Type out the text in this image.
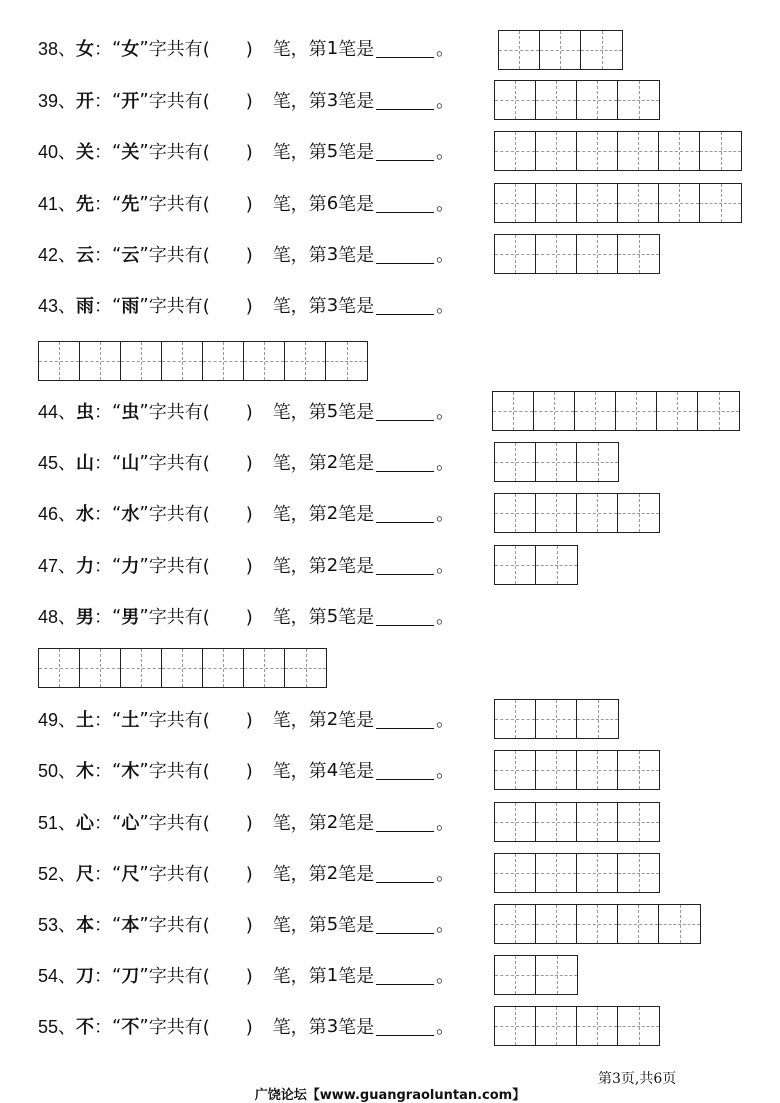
38、 女 ： “ 女 ” 字共有 (　　)	笔，第 1 笔是	。
39、 开 ： “ 开 ” 字共有 (　　)	笔，第 3 笔是	。
40、 关 ： “ 关 ” 字共有 (　　)	笔，第 5 笔是	。
41、 先 ： “ 先 ” 字共有 (　　)	笔，第 6 笔是	。
42、 云 ： “ 云 ” 字共有 (　　)	笔，第 3 笔是	。
43、 雨 ： “ 雨 ” 字共有 (　　)	笔，第 3 笔是	。
44、 虫 ： “ 虫 ” 字共有 (　　)	笔，第 5 笔是	。
45、 山 ： “ 山 ” 字共有 (　　)	笔，第 2 笔是	。
46、 水 ： “ 水 ” 字共有 (　　)	笔，第 2 笔是	。
47、 力 ： “ 力 ” 字共有 (　　)	笔，第 2 笔是	。
48、 男 ： “ 男 ” 字共有 (　　)	笔，第 5 笔是	。
49、 土 ： “ 土 ” 字共有 (　　)	笔，第 2 笔是	。
50、 木 ： “ 木 ” 字共有 (　　)	笔，第 4 笔是	。
51、 心 ： “ 心 ” 字共有 (　　)	笔，第 2 笔是	。
52、 尺 ： “ 尺 ” 字共有 (　　)	笔，第 2 笔是	。
53、 本 ： “ 本 ” 字共有 (　　)	笔，第 5 笔是	。
54、 刀 ： “ 刀 ” 字共有 (　　)	笔，第 1 笔是	。
55、 不 ： “ 不 ” 字共有 (　　)	笔，第 3 笔是	。
第3页,共6页
广饶论坛【www.guangraoluntan.com】
